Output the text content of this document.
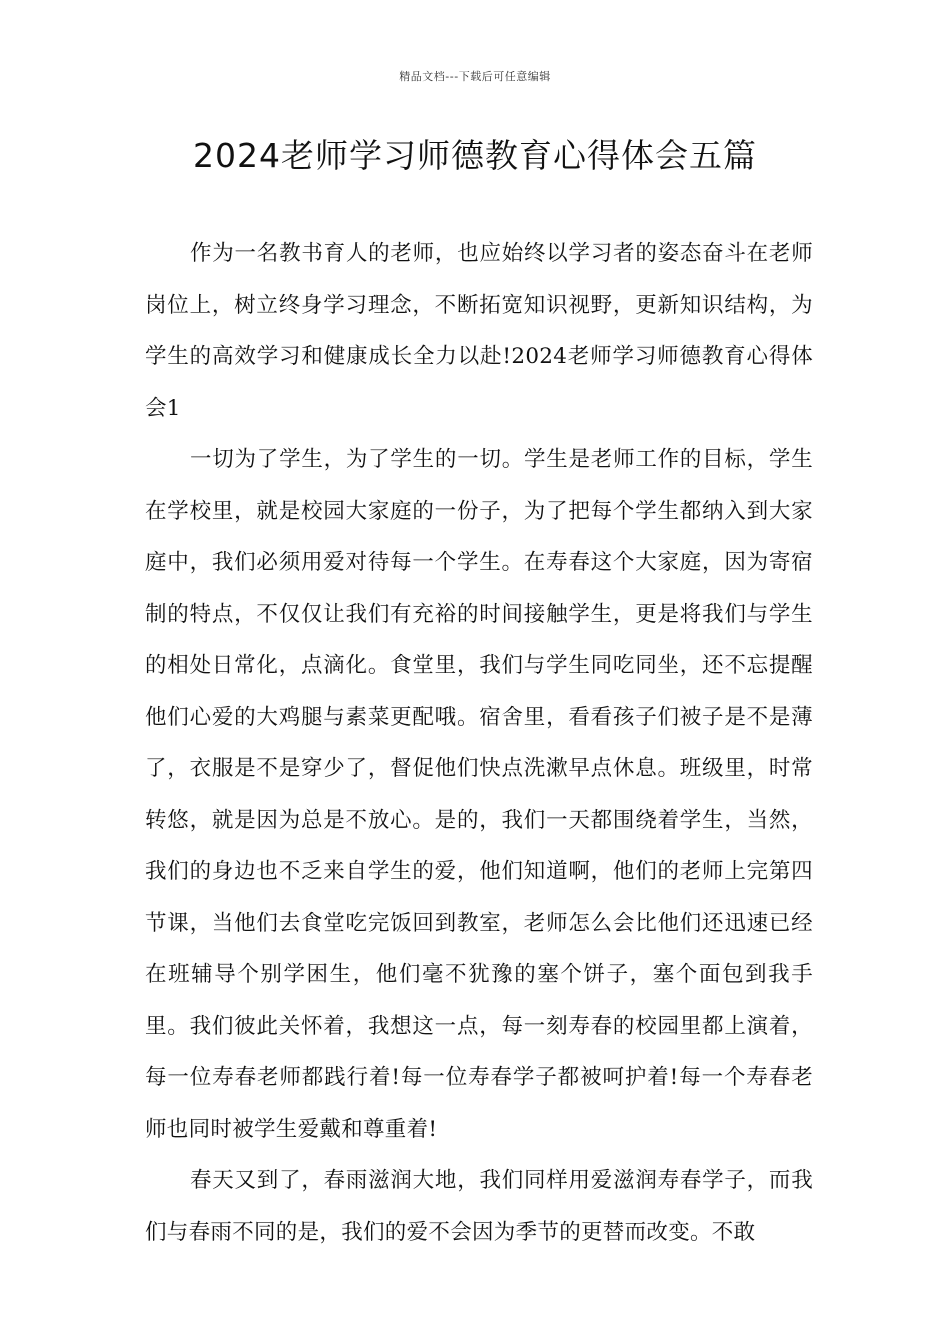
精品文档---下载后可任意编辑
2024老师学习师德教育心得体会五篇

作为一名教书育人的老师，也应始终以学习者的姿态奋斗在老师岗位上，树立终身学习理念，不断拓宽知识视野，更新知识结构，为学生的高效学习和健康成长全力以赴!2024老师学习师德教育心得体会1

一切为了学生，为了学生的一切。学生是老师工作的目标，学生在学校里，就是校园大家庭的一份子，为了把每个学生都纳入到大家庭中，我们必须用爱对待每一个学生。在寿春这个大家庭，因为寄宿制的特点，不仅仅让我们有充裕的时间接触学生，更是将我们与学生的相处日常化，点滴化。食堂里，我们与学生同吃同坐，还不忘提醒他们心爱的大鸡腿与素菜更配哦。宿舍里，看看孩子们被子是不是薄了，衣服是不是穿少了，督促他们快点洗漱早点休息。班级里，时常转悠，就是因为总是不放心。是的，我们一天都围绕着学生，当然，我们的身边也不乏来自学生的爱，他们知道啊，他们的老师上完第四节课，当他们去食堂吃完饭回到教室，老师怎么会比他们还迅速已经在班辅导个别学困生，他们毫不犹豫的塞个饼子，塞个面包到我手里。我们彼此关怀着，我想这一点，每一刻寿春的校园里都上演着，每一位寿春老师都践行着!每一位寿春学子都被呵护着!每一个寿春老师也同时被学生爱戴和尊重着!

春天又到了，春雨滋润大地，我们同样用爱滋润寿春学子，而我们与春雨不同的是，我们的爱不会因为季节的更替而改变。不敢
